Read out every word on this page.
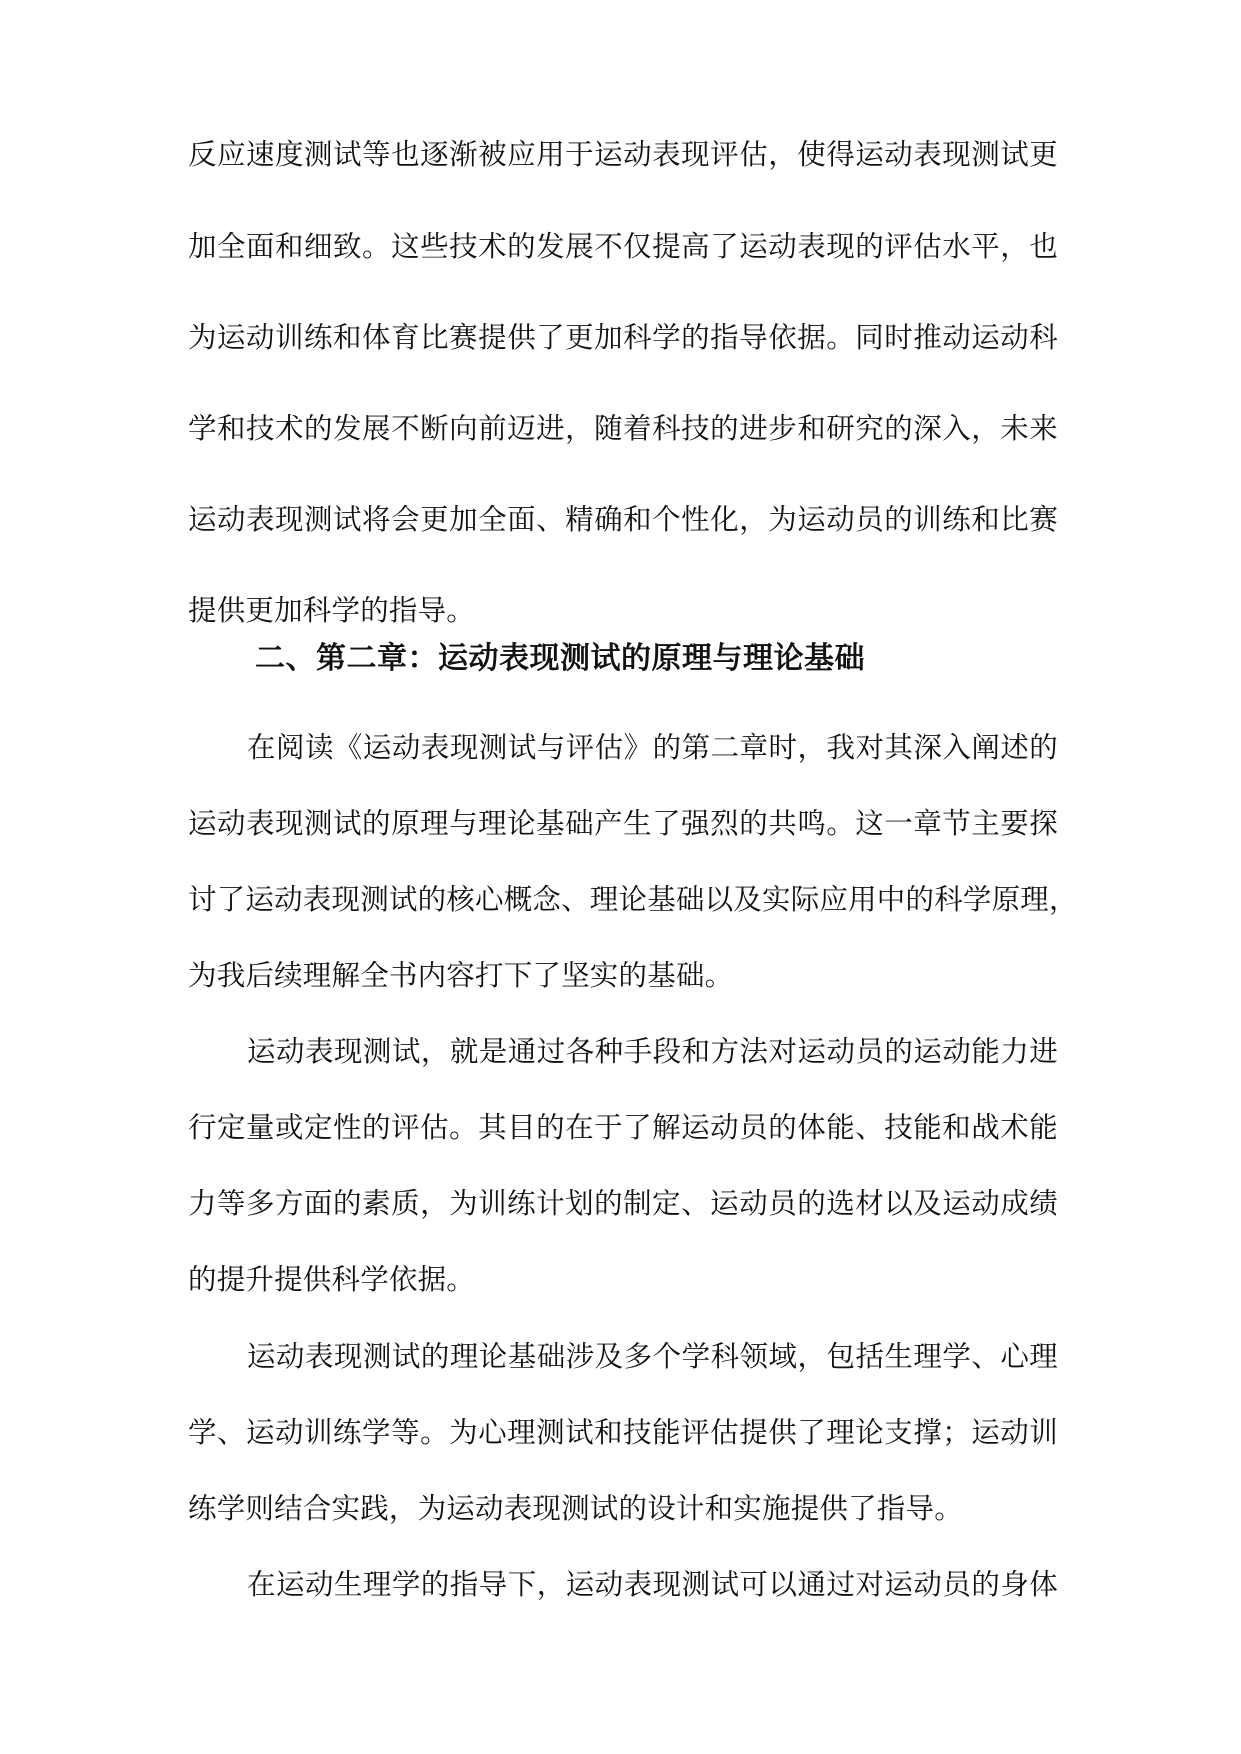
反应速度测试等也逐渐被应用于运动表现评估，使得运动表现测试更
加全面和细致。这些技术的发展不仅提高了运动表现的评估水平，也
为运动训练和体育比赛提供了更加科学的指导依据。同时推动运动科
学和技术的发展不断向前迈进，随着科技的进步和研究的深入，未来
运动表现测试将会更加全面、精确和个性化，为运动员的训练和比赛
提供更加科学的指导。
二、第二章：运动表现测试的原理与理论基础
在阅读《运动表现测试与评估》的第二章时，我对其深入阐述的
运动表现测试的原理与理论基础产生了强烈的共鸣。这一章节主要探
讨了运动表现测试的核心概念、理论基础以及实际应用中的科学原理，
为我后续理解全书内容打下了坚实的基础。
运动表现测试，就是通过各种手段和方法对运动员的运动能力进
行定量或定性的评估。其目的在于了解运动员的体能、技能和战术能
力等多方面的素质，为训练计划的制定、运动员的选材以及运动成绩
的提升提供科学依据。
运动表现测试的理论基础涉及多个学科领域，包括生理学、心理
学、运动训练学等。为心理测试和技能评估提供了理论支撑；运动训
练学则结合实践，为运动表现测试的设计和实施提供了指导。
在运动生理学的指导下，运动表现测试可以通过对运动员的身体
